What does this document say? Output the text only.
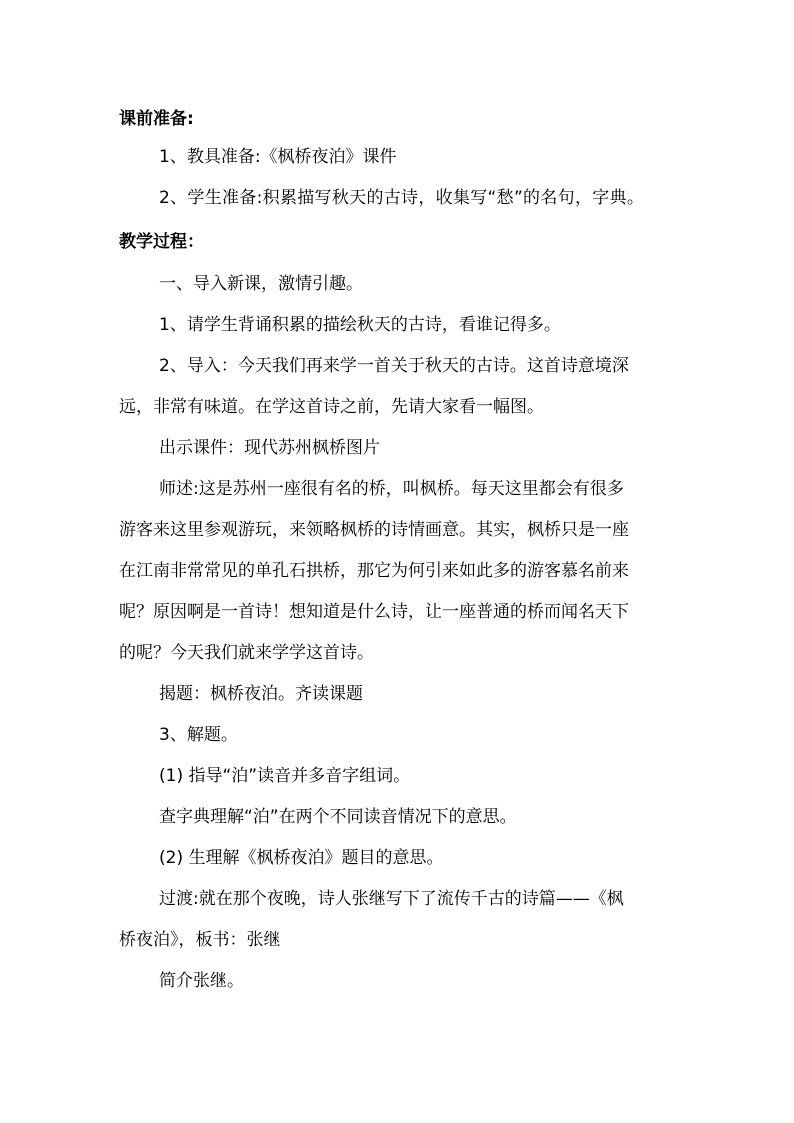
课前准备:
1、教具准备:《枫桥夜泊》课件
2、学生准备:积累描写秋天的古诗，收集写“愁”的名句，字典。
教学过程：
一、导入新课，激情引趣。
1、请学生背诵积累的描绘秋天的古诗，看谁记得多。
2、导入：今天我们再来学一首关于秋天的古诗。这首诗意境深
远，非常有味道。在学这首诗之前，先请大家看一幅图。
出示课件：现代苏州枫桥图片
师述:这是苏州一座很有名的桥，叫枫桥。每天这里都会有很多
游客来这里参观游玩，来领略枫桥的诗情画意。其实，枫桥只是一座
在江南非常常见的单孔石拱桥，那它为何引来如此多的游客慕名前来
呢？原因啊是一首诗！想知道是什么诗，让一座普通的桥而闻名天下
的呢？今天我们就来学学这首诗。
揭题：枫桥夜泊。齐读课题
3、解题。
(1) 指导“泊”读音并多音字组词。
查字典理解“泊”在两个不同读音情况下的意思。
(2) 生理解《枫桥夜泊》题目的意思。
过渡:就在那个夜晚，诗人张继写下了流传千古的诗篇——《枫
桥夜泊》，板书：张继
简介张继。
